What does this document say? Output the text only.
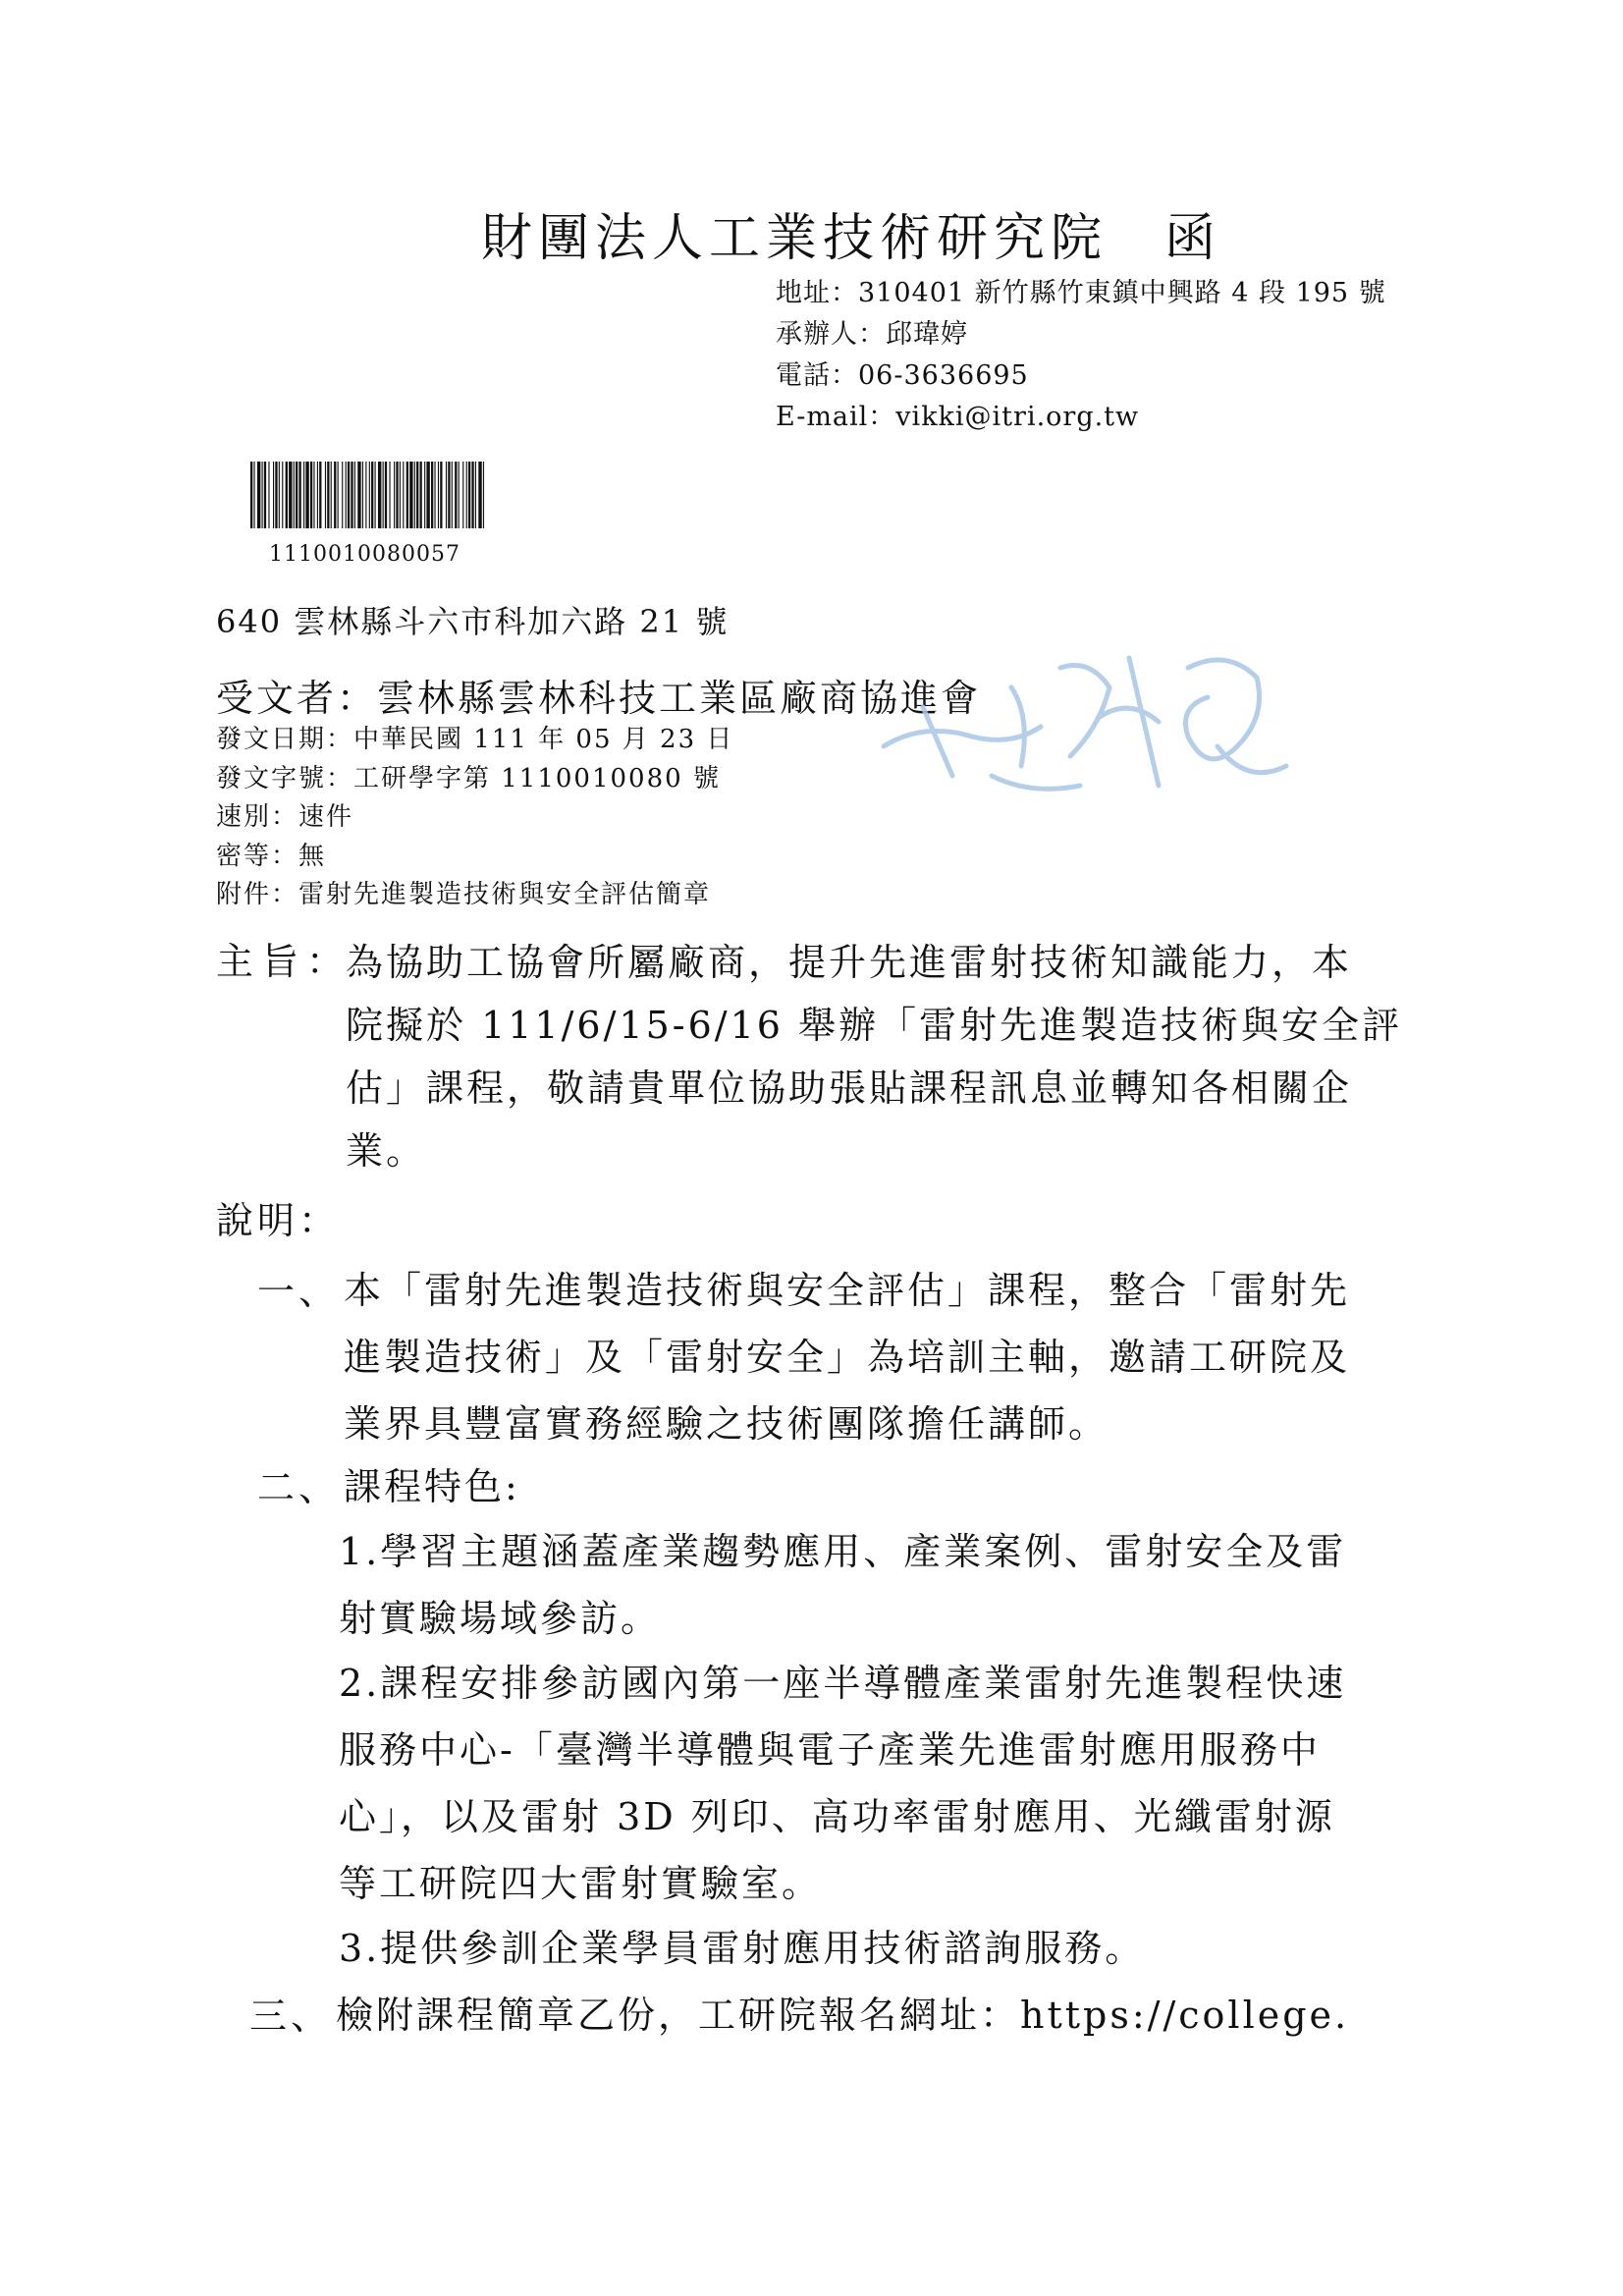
財團法人工業技術研究院　函
地址：310401 新竹縣竹東鎮中興路 4 段 195 號
承辦人：邱瑋婷
電話：06-3636695
E-mail：vikki@itri.org.tw
1110010080057
640 雲林縣斗六市科加六路 21 號
受文者：雲林縣雲林科技工業區廠商協進會
發文日期：中華民國 111 年 05 月 23 日
發文字號：工研學字第 1110010080 號
速別：速件
密等：無
附件：雷射先進製造技術與安全評估簡章
主旨：
為協助工協會所屬廠商，提升先進雷射技術知識能力，本
院擬於 111/6/15-6/16 舉辦「雷射先進製造技術與安全評
估」課程，敬請貴單位協助張貼課程訊息並轉知各相關企
業。
說明：
一、 本「雷射先進製造技術與安全評估」課程，整合「雷射先
進製造技術」及「雷射安全」為培訓主軸，邀請工研院及
業界具豐富實務經驗之技術團隊擔任講師。
二、 課程特色:
1.學習主題涵蓋產業趨勢應用、產業案例、雷射安全及雷
射實驗場域參訪。
2.課程安排參訪國內第一座半導體產業雷射先進製程快速
服務中心-「臺灣半導體與電子產業先進雷射應用服務中
心」，以及雷射 3D 列印、高功率雷射應用、光纖雷射源
等工研院四大雷射實驗室。
3.提供參訓企業學員雷射應用技術諮詢服務。
三、 檢附課程簡章乙份，工研院報名網址：https://college.
